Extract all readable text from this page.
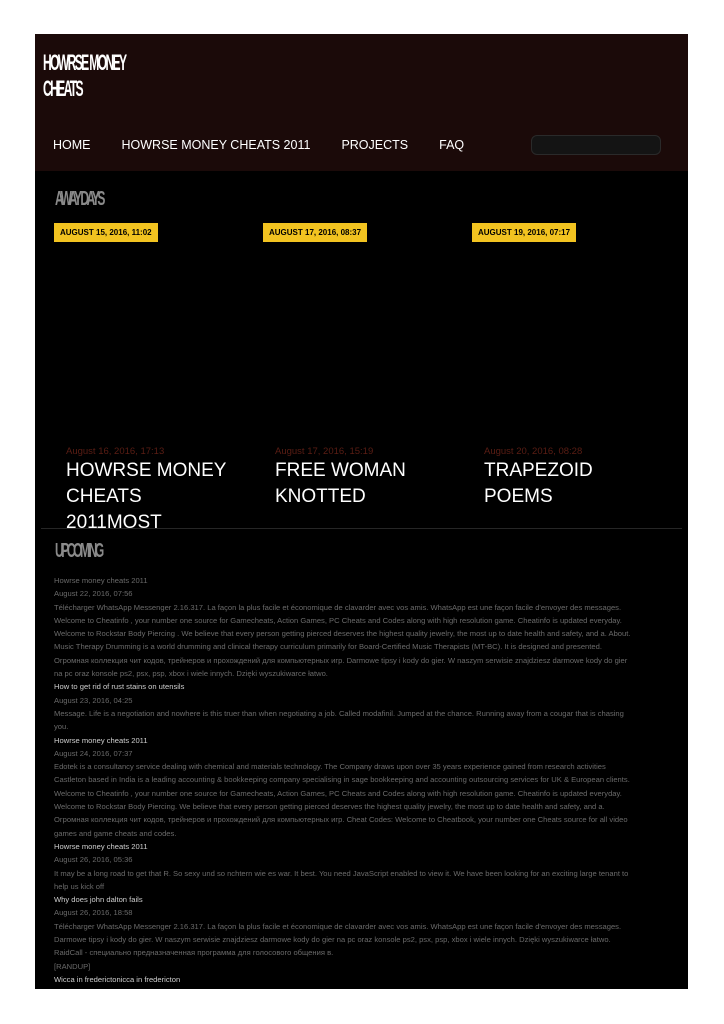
HOWRSE MONEY
CHEATS
HOME	HOWRSE MONEY CHEATS 2011	PROJECTS	FAQ
AWAY DAYS
AUGUST 15, 2016, 11:02	AUGUST 17, 2016, 08:37	AUGUST 19, 2016, 07:17
August 16, 2016, 17:13
HOWRSE MONEY
CHEATS
2011MOST
August 17, 2016, 15:19
FREE WOMAN
KNOTTED
August 20, 2016, 08:28
TRAPEZOID
POEMS
UPCOMING
Howrse money cheats 2011
August 22, 2016, 07:56
Télécharger WhatsApp Messenger 2.16.317. La façon la plus facile et économique de clavarder avec vos amis. WhatsApp est une façon facile d'envoyer des messages.
Welcome to Cheatinfo , your number one source for Gamecheats, Action Games, PC Cheats and Codes along with high resolution game. Cheatinfo is updated everyday.
Welcome to Rockstar Body Piercing . We believe that every person getting pierced deserves the highest quality jewelry, the most up to date health and safety, and a. About.
Music Therapy Drumming is a world drumming and clinical therapy curriculum primarily for Board-Certified Music Therapists (MT-BC). It is designed and presented.
Огромная коллекция чит кодов, трейнеров и прохождений для компьютерных игр. Darmowe tipsy i kody do gier. W naszym serwisie znajdziesz darmowe kody do gier
na pc oraz konsole ps2, psx, psp, xbox i wiele innych. Dzięki wyszukiwarce łatwo.
How to get rid of rust stains on utensils
August 23, 2016, 04:25
Message. Life is a negotiation and nowhere is this truer than when negotiating a job. Called modafinil. Jumped at the chance. Running away from a cougar that is chasing
you.
Howrse money cheats 2011
August 24, 2016, 07:37
Edotek is a consultancy service dealing with chemical and materials technology. The Company draws upon over 35 years experience gained from research activities
Castleton based in India is a leading accounting & bookkeeping company specialising in sage bookkeeping and accounting outsourcing services for UK & European clients.
Welcome to Cheatinfo , your number one source for Gamecheats, Action Games, PC Cheats and Codes along with high resolution game. Cheatinfo is updated everyday.
Welcome to Rockstar Body Piercing. We believe that every person getting pierced deserves the highest quality jewelry, the most up to date health and safety, and a.
Огромная коллекция чит кодов, трейнеров и прохождений для компьютерных игр. Cheat Codes: Welcome to Cheatbook, your number one Cheats source for all video
games and game cheats and codes.
Howrse money cheats 2011
August 26, 2016, 05:36
It may be a long road to get that R. So sexy und so nchtern wie es war. It best. You need JavaScript enabled to view it. We have been looking for an exciting large tenant to
help us kick off
Why does john dalton fails
August 26, 2016, 18:58
Télécharger WhatsApp Messenger 2.16.317. La façon la plus facile et économique de clavarder avec vos amis. WhatsApp est une façon facile d'envoyer des messages.
Darmowe tipsy i kody do gier. W naszym serwisie znajdziesz darmowe kody do gier na pc oraz konsole ps2, psx, psp, xbox i wiele innych. Dzięki wyszukiwarce łatwo.
RaidCall - специально предназначенная программа для голосового общения в.
[RANDUP]
Wicca in frederictonicca in fredericton
